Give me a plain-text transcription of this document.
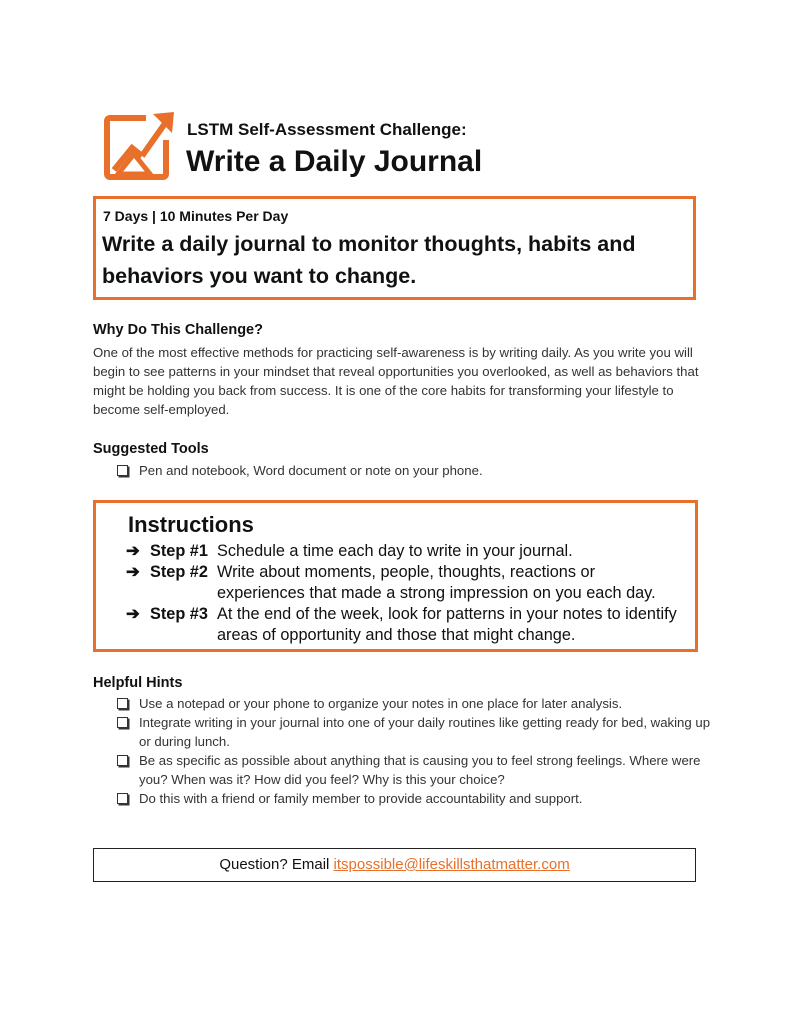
LSTM Self-Assessment Challenge:
Write a Daily Journal
7 Days | 10 Minutes Per Day
Write a daily journal to monitor thoughts, habits and behaviors you want to change.
Why Do This Challenge?
One of the most effective methods for practicing self-awareness is by writing daily. As you write you will begin to see patterns in your mindset that reveal opportunities you overlooked, as well as behaviors that might be holding you back from success. It is one of the core habits for transforming your lifestyle to become self-employed.
Suggested Tools
Pen and notebook, Word document or note on your phone.
Instructions
➔ Step #1 Schedule a time each day to write in your journal.
➔ Step #2 Write about moments, people, thoughts, reactions or experiences that made a strong impression on you each day.
➔ Step #3 At the end of the week, look for patterns in your notes to identify areas of opportunity and those that might change.
Helpful Hints
Use a notepad or your phone to organize your notes in one place for later analysis.
Integrate writing in your journal into one of your daily routines like getting ready for bed, waking up or during lunch.
Be as specific as possible about anything that is causing you to feel strong feelings. Where were you? When was it? How did you feel? Why is this your choice?
Do this with a friend or family member to provide accountability and support.
Question? Email itspossible@lifeskillsthatmatter.com
